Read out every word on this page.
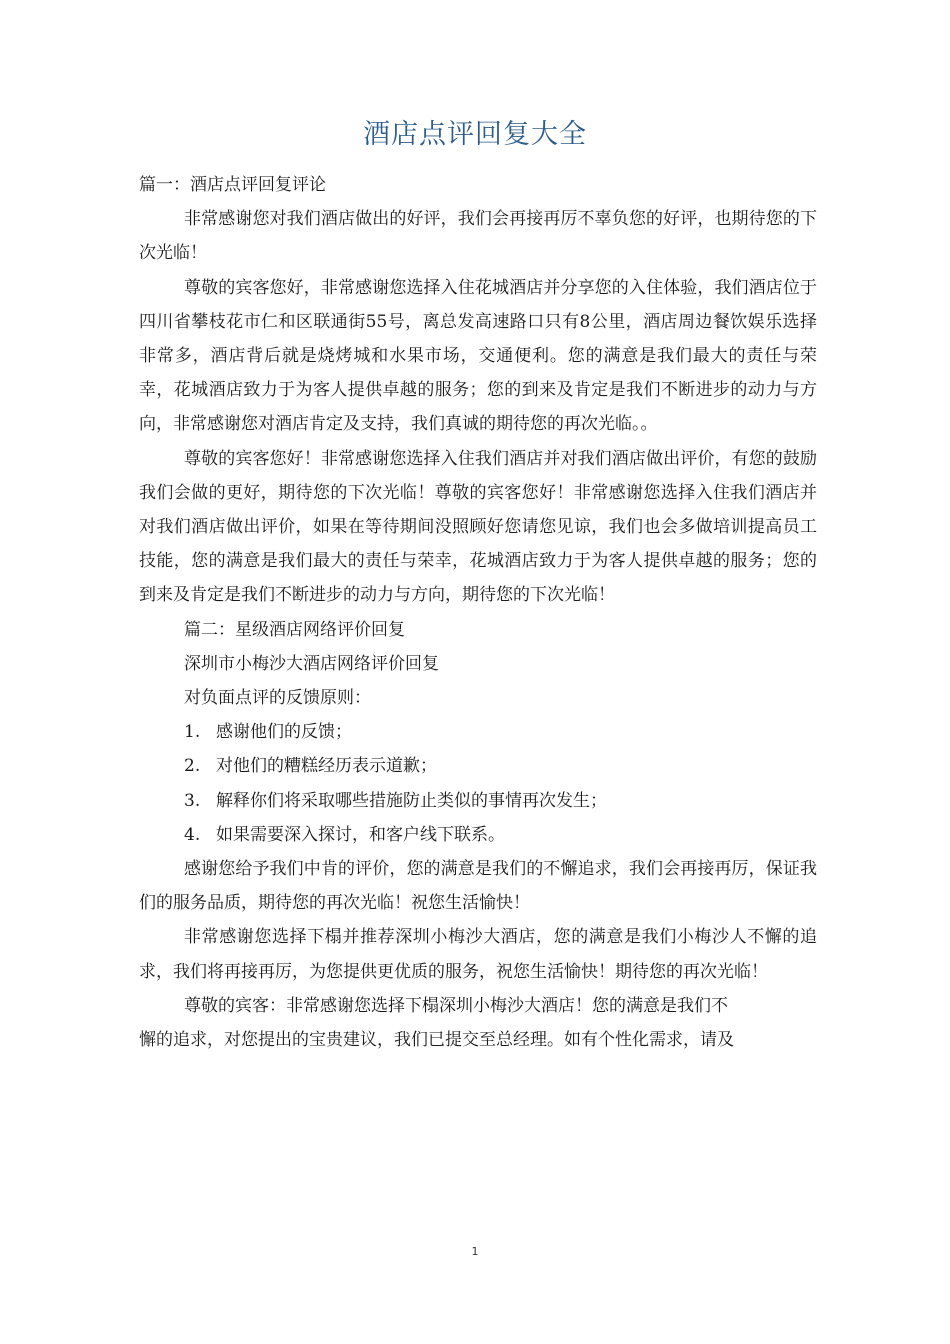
酒店点评回复大全

篇一：酒店点评回复评论

非常感谢您对我们酒店做出的好评，我们会再接再厉不辜负您的好评，也期待您的下次光临！

尊敬的宾客您好，非常感谢您选择入住花城酒店并分享您的入住体验，我们酒店位于四川省攀枝花市仁和区联通街55号，离总发高速路口只有8公里，酒店周边餐饮娱乐选择非常多，酒店背后就是烧烤城和水果市场，交通便利。您的满意是我们最大的责任与荣幸，花城酒店致力于为客人提供卓越的服务；您的到来及肯定是我们不断进步的动力与方向，非常感谢您对酒店肯定及支持，我们真诚的期待您的再次光临。。

尊敬的宾客您好！非常感谢您选择入住我们酒店并对我们酒店做出评价，有您的鼓励我们会做的更好，期待您的下次光临！尊敬的宾客您好！非常感谢您选择入住我们酒店并对我们酒店做出评价，如果在等待期间没照顾好您请您见谅，我们也会多做培训提高员工技能，您的满意是我们最大的责任与荣幸，花城酒店致力于为客人提供卓越的服务；您的到来及肯定是我们不断进步的动力与方向，期待您的下次光临！

篇二：星级酒店网络评价回复

深圳市小梅沙大酒店网络评价回复

对负面点评的反馈原则：

1. 感谢他们的反馈；

2. 对他们的糟糕经历表示道歉；

3. 解释你们将采取哪些措施防止类似的事情再次发生；

4. 如果需要深入探讨，和客户线下联系。

感谢您给予我们中肯的评价，您的满意是我们的不懈追求，我们会再接再厉，保证我们的服务品质，期待您的再次光临！祝您生活愉快！

非常感谢您选择下榻并推荐深圳小梅沙大酒店，您的满意是我们小梅沙人不懈的追求，我们将再接再厉，为您提供更优质的服务，祝您生活愉快！期待您的再次光临！

尊敬的宾客：非常感谢您选择下榻深圳小梅沙大酒店！您的满意是我们不

懈的追求，对您提出的宝贵建议，我们已提交至总经理。如有个性化需求，请及

1
